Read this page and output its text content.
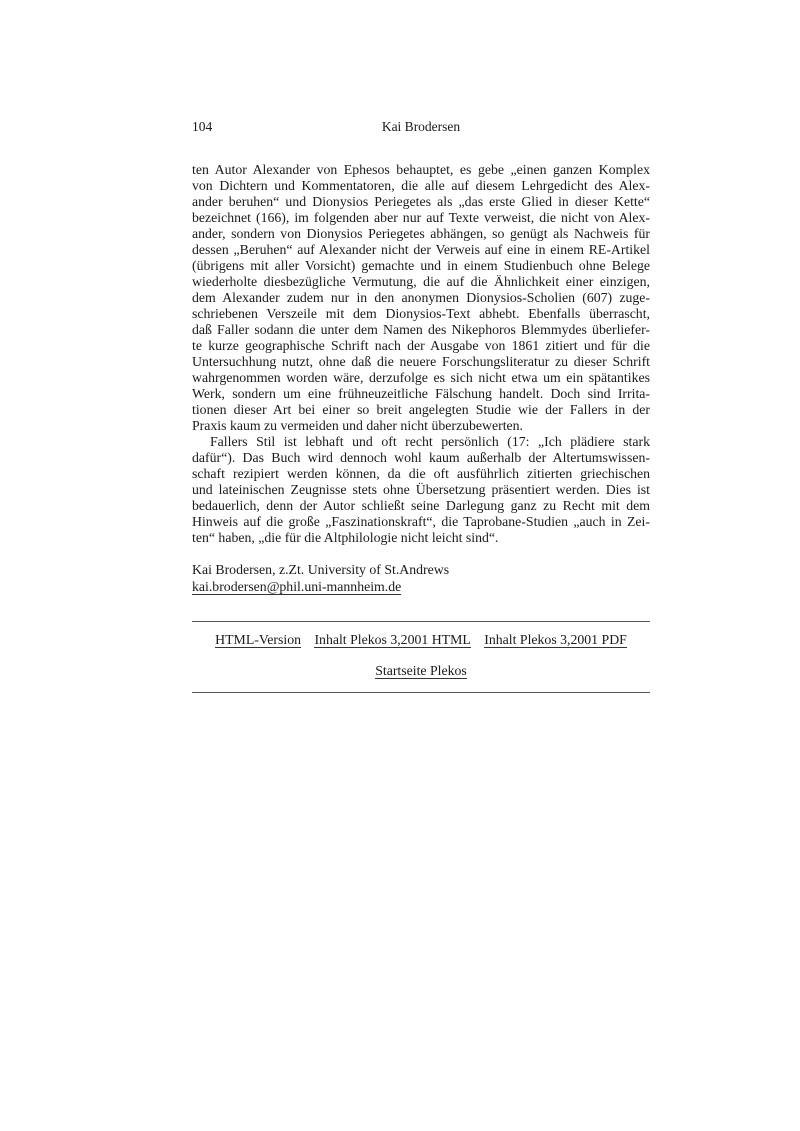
104	Kai Brodersen
ten Autor Alexander von Ephesos behauptet, es gebe „einen ganzen Komplex
von Dichtern und Kommentatoren, die alle auf diesem Lehrgedicht des Alex-
ander beruhen“ und Dionysios Periegetes als „das erste Glied in dieser Kette“
bezeichnet (166), im folgenden aber nur auf Texte verweist, die nicht von Alex-
ander, sondern von Dionysios Periegetes abhängen, so genügt als Nachweis für
dessen „Beruhen“ auf Alexander nicht der Verweis auf eine in einem RE-Artikel
(übrigens mit aller Vorsicht) gemachte und in einem Studienbuch ohne Belege
wiederholte diesbezügliche Vermutung, die auf die Ähnlichkeit einer einzigen,
dem Alexander zudem nur in den anonymen Dionysios-Scholien (607) zuge-
schriebenen Verszeile mit dem Dionysios-Text abhebt. Ebenfalls überrascht,
daß Faller sodann die unter dem Namen des Nikephoros Blemmydes überliefer-
te kurze geographische Schrift nach der Ausgabe von 1861 zitiert und für die
Untersuchhung nutzt, ohne daß die neuere Forschungsliteratur zu dieser Schrift
wahrgenommen worden wäre, derzufolge es sich nicht etwa um ein spätantikes
Werk, sondern um eine frühneuzeitliche Fälschung handelt. Doch sind Irrita-
tionen dieser Art bei einer so breit angelegten Studie wie der Fallers in der
Praxis kaum zu vermeiden und daher nicht überzubewerten.
Fallers Stil ist lebhaft und oft recht persönlich (17: „Ich plädiere stark
dafür“). Das Buch wird dennoch wohl kaum außerhalb der Altertumswissen-
schaft rezipiert werden können, da die oft ausführlich zitierten griechischen
und lateinischen Zeugnisse stets ohne Übersetzung präsentiert werden. Dies ist
bedauerlich, denn der Autor schließt seine Darlegung ganz zu Recht mit dem
Hinweis auf die große „Faszinationskraft“, die Taprobane-Studien „auch in Zei-
ten“ haben, „die für die Altphilologie nicht leicht sind“.
Kai Brodersen, z.Zt. University of St.Andrews
kai.brodersen@phil.uni-mannheim.de
HTML-Version Inhalt Plekos 3,2001 HTML Inhalt Plekos 3,2001 PDF
Startseite Plekos
